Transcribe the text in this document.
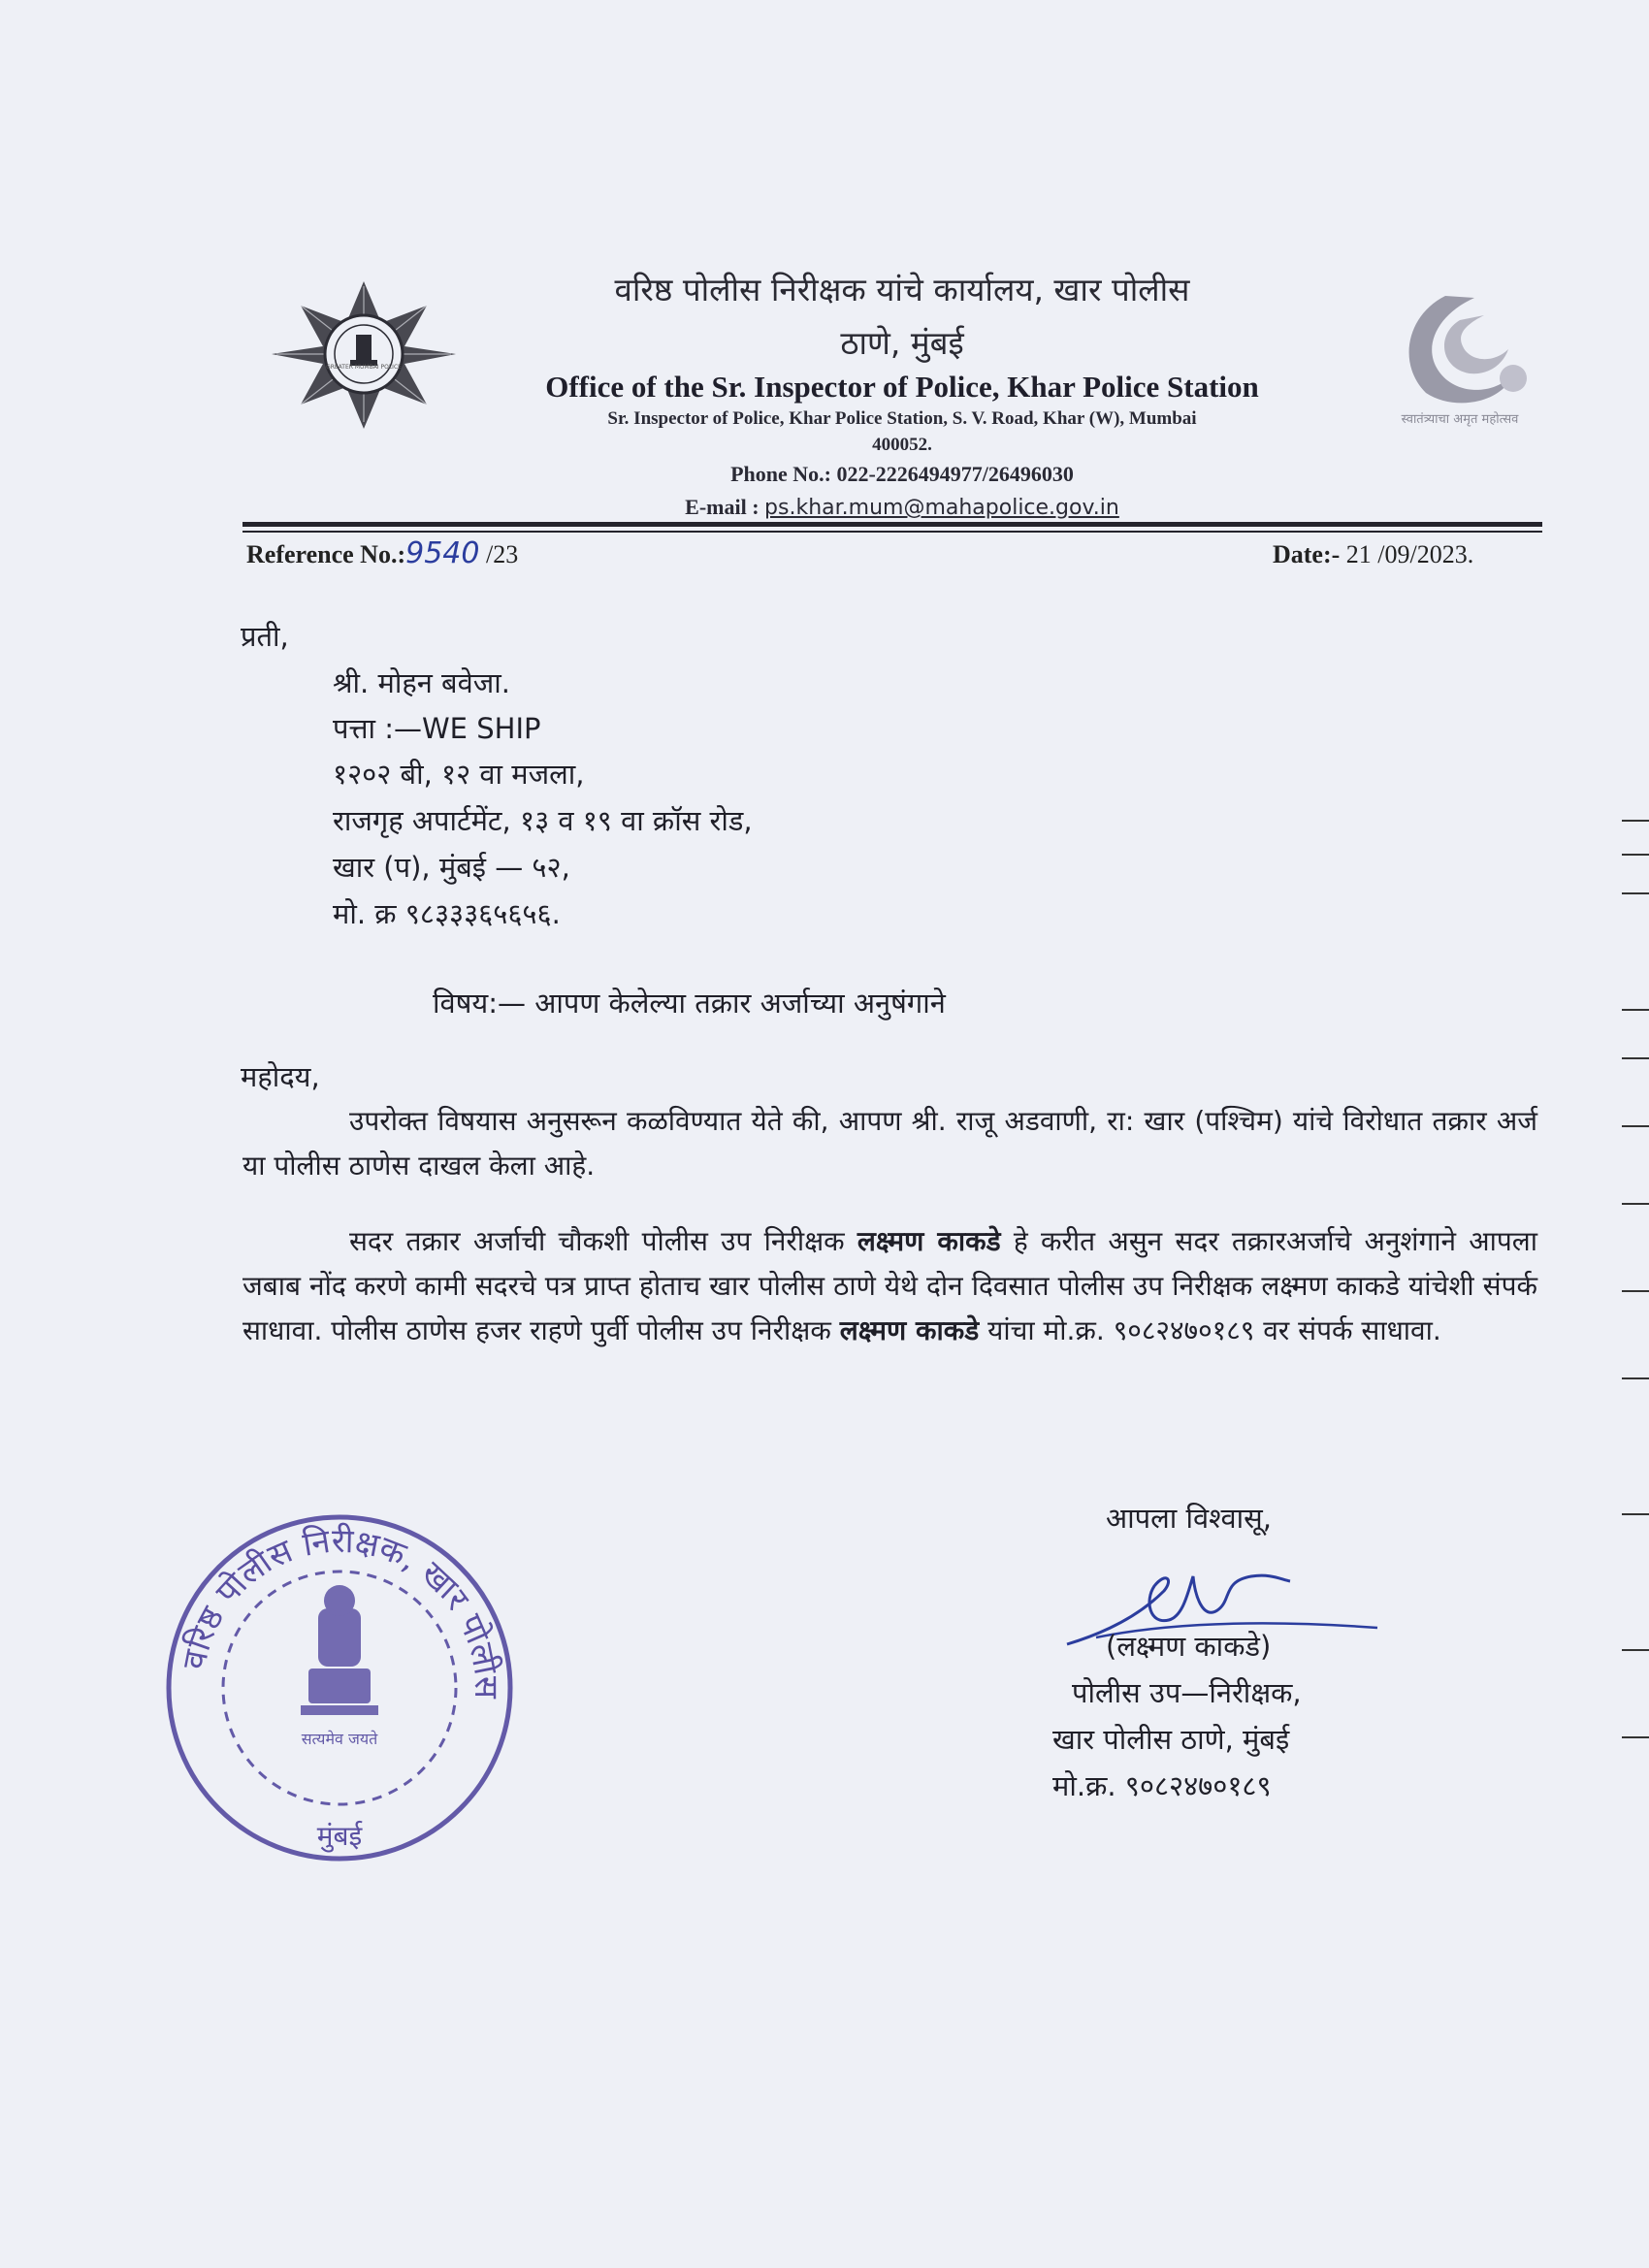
GREATER MUMBAI POLICE
स्वातंत्र्याचा अमृत महोत्सव
वरिष्ठ पोलीस निरीक्षक यांचे कार्यालय, खार पोलीस
ठाणे, मुंबई
Office of the Sr. Inspector of Police, Khar Police Station
Sr. Inspector of Police, Khar Police Station, S. V. Road, Khar (W), Mumbai
400052.
Phone No.: 022-2226494977/26496030
E-mail : ps.khar.mum@mahapolice.gov.in
Reference No.:9540 /23	Date:- 21 /09/2023.
प्रती,
श्री. मोहन बवेजा.
पत्ता :—WE SHIP
१२०२ बी, १२ वा मजला,
राजगृह अपार्टमेंट, १३ व १९ वा क्रॉस रोड,
खार (प), मुंबई — ५२,
मो. क्र ९८३३३६५६५६.
विषय:— आपण केलेल्या तक्रार अर्जाच्या अनुषंगाने
महोदय,
उपरोक्त विषयास अनुसरून कळविण्यात येते की, आपण श्री. राजू अडवाणी, रा: खार (पश्चिम) यांचे विरोधात तक्रार अर्ज या पोलीस ठाणेस दाखल केला आहे.
सदर तक्रार अर्जाची चौकशी पोलीस उप निरीक्षक लक्ष्मण काकडे हे करीत असुन सदर तक्रारअर्जाचे अनुशंगाने आपला जबाब नोंद करणे कामी सदरचे पत्र प्राप्त होताच खार पोलीस ठाणे येथे दोन दिवसात पोलीस उप निरीक्षक लक्ष्मण काकडे यांचेशी संपर्क साधावा. पोलीस ठाणेस हजर राहणे पुर्वी पोलीस उप निरीक्षक लक्ष्मण काकडे यांचा मो.क्र. ९०८२४७०१८९ वर संपर्क साधावा.
आपला विश्वासू,
(लक्ष्मण काकडे)
पोलीस उप—निरीक्षक,
खार पोलीस ठाणे, मुंबई
मो.क्र. ९०८२४७०१८९
वरिष्ठ पोलीस निरीक्षक, खार पोलीस
सत्यमेव जयते
मुंबई
